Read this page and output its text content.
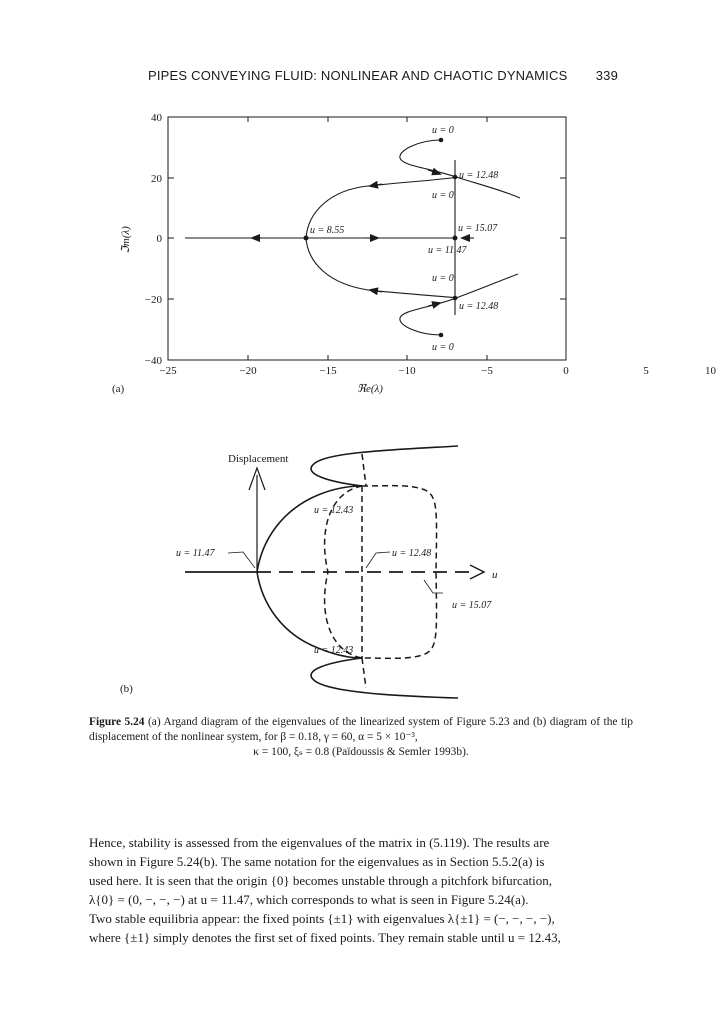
PIPES CONVEYING FLUID: NONLINEAR AND CHAOTIC DYNAMICS 339
40
20
0
−20
−40
−25	−20	−15	−10	−5	0	5	10
ℑm(λ)
ℜe(λ)
(a)
u = 0
u = 12.48
u = 0
u = 8.55	u = 15.07
u = 11.47
u = 0
u = 12.48
u = 0
Displacement
u
u = 12.43
u = 11.47	u = 12.48
u = 15.07
u = 12.43
(b)
Figure 5.24 (a) Argand diagram of the eigenvalues of the linearized system of Figure 5.23 and (b) diagram of the tip displacement of the nonlinear system, for β = 0.18, γ = 60, α = 5 × 10⁻³,
κ = 100, ξₛ = 0.8 (Païdoussis & Semler 1993b).

Hence, stability is assessed from the eigenvalues of the matrix in (5.119). The results are

shown in Figure 5.24(b). The same notation for the eigenvalues as in Section 5.5.2(a) is

used here. It is seen that the origin {0} becomes unstable through a pitchfork bifurcation,

λ{0} = (0, −, −, −) at u = 11.47, which corresponds to what is seen in Figure 5.24(a).

Two stable equilibria appear: the fixed points {±1} with eigenvalues λ{±1} = (−, −, −, −),

where {±1} simply denotes the first set of fixed points. They remain stable until u = 12.43,
